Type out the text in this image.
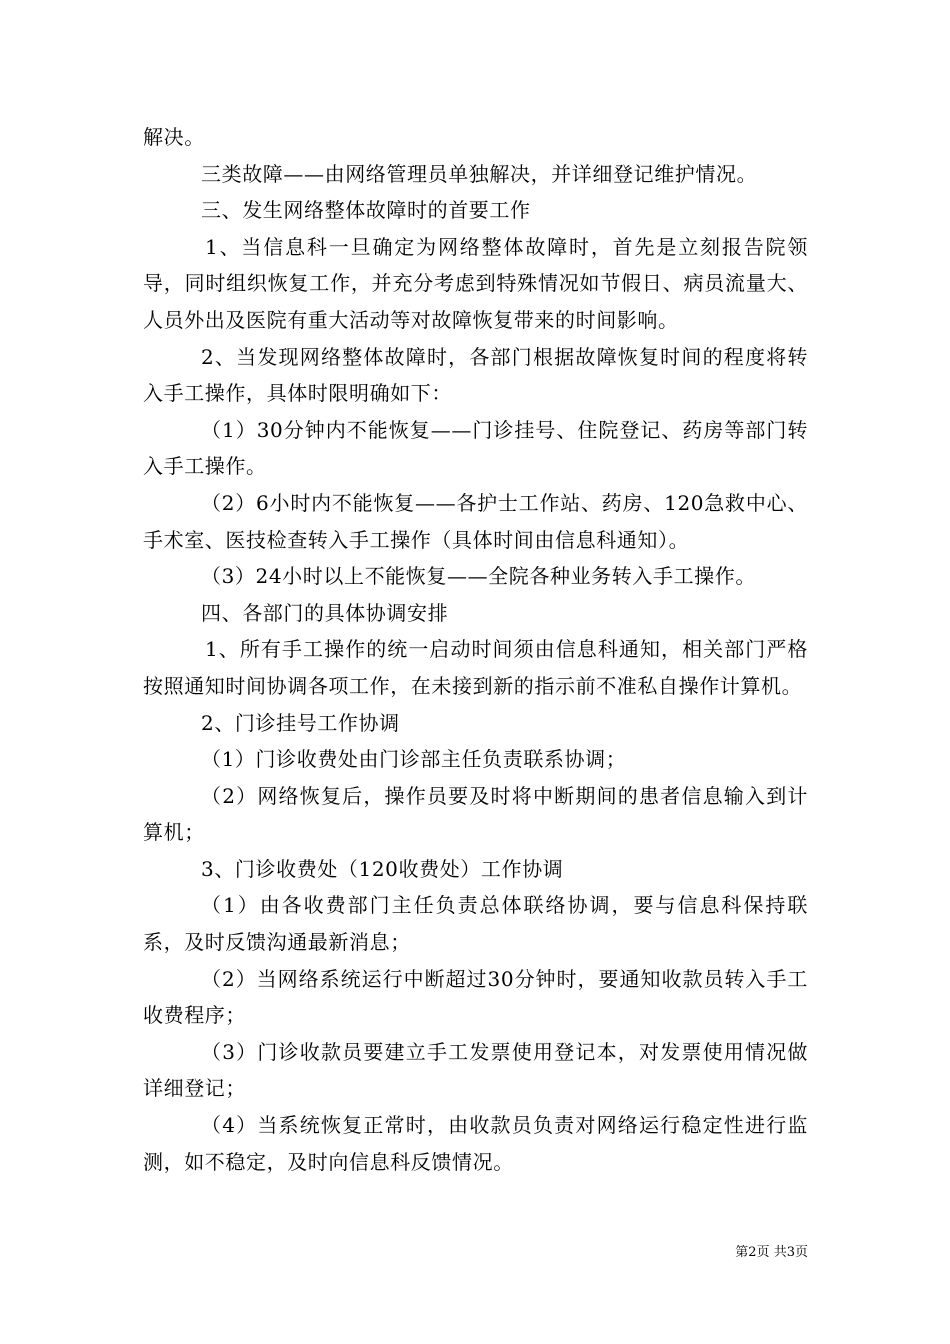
解决。

三类故障——由网络管理员单独解决，并详细登记维护情况。

三、发生网络整体故障时的首要工作

1、当信息科一旦确定为网络整体故障时，首先是立刻报告院领导，同时组织恢复工作，并充分考虑到特殊情况如节假日、病员流量大、人员外出及医院有重大活动等对故障恢复带来的时间影响。

2、当发现网络整体故障时，各部门根据故障恢复时间的程度将转入手工操作，具体时限明确如下：

（1）30分钟内不能恢复——门诊挂号、住院登记、药房等部门转入手工操作。

（2）6小时内不能恢复——各护士工作站、药房、120急救中心、手术室、医技检查转入手工操作（具体时间由信息科通知）。

（3）24小时以上不能恢复——全院各种业务转入手工操作。

四、各部门的具体协调安排

1、所有手工操作的统一启动时间须由信息科通知，相关部门严格按照通知时间协调各项工作，在未接到新的指示前不准私自操作计算机。

2、门诊挂号工作协调

（1）门诊收费处由门诊部主任负责联系协调；

（2）网络恢复后，操作员要及时将中断期间的患者信息输入到计算机；

3、门诊收费处（120收费处）工作协调

（1）由各收费部门主任负责总体联络协调，要与信息科保持联系，及时反馈沟通最新消息；

（2）当网络系统运行中断超过30分钟时，要通知收款员转入手工收费程序；

（3）门诊收款员要建立手工发票使用登记本，对发票使用情况做详细登记；

（4）当系统恢复正常时，由收款员负责对网络运行稳定性进行监测，如不稳定，及时向信息科反馈情况。

第2页 共3页
